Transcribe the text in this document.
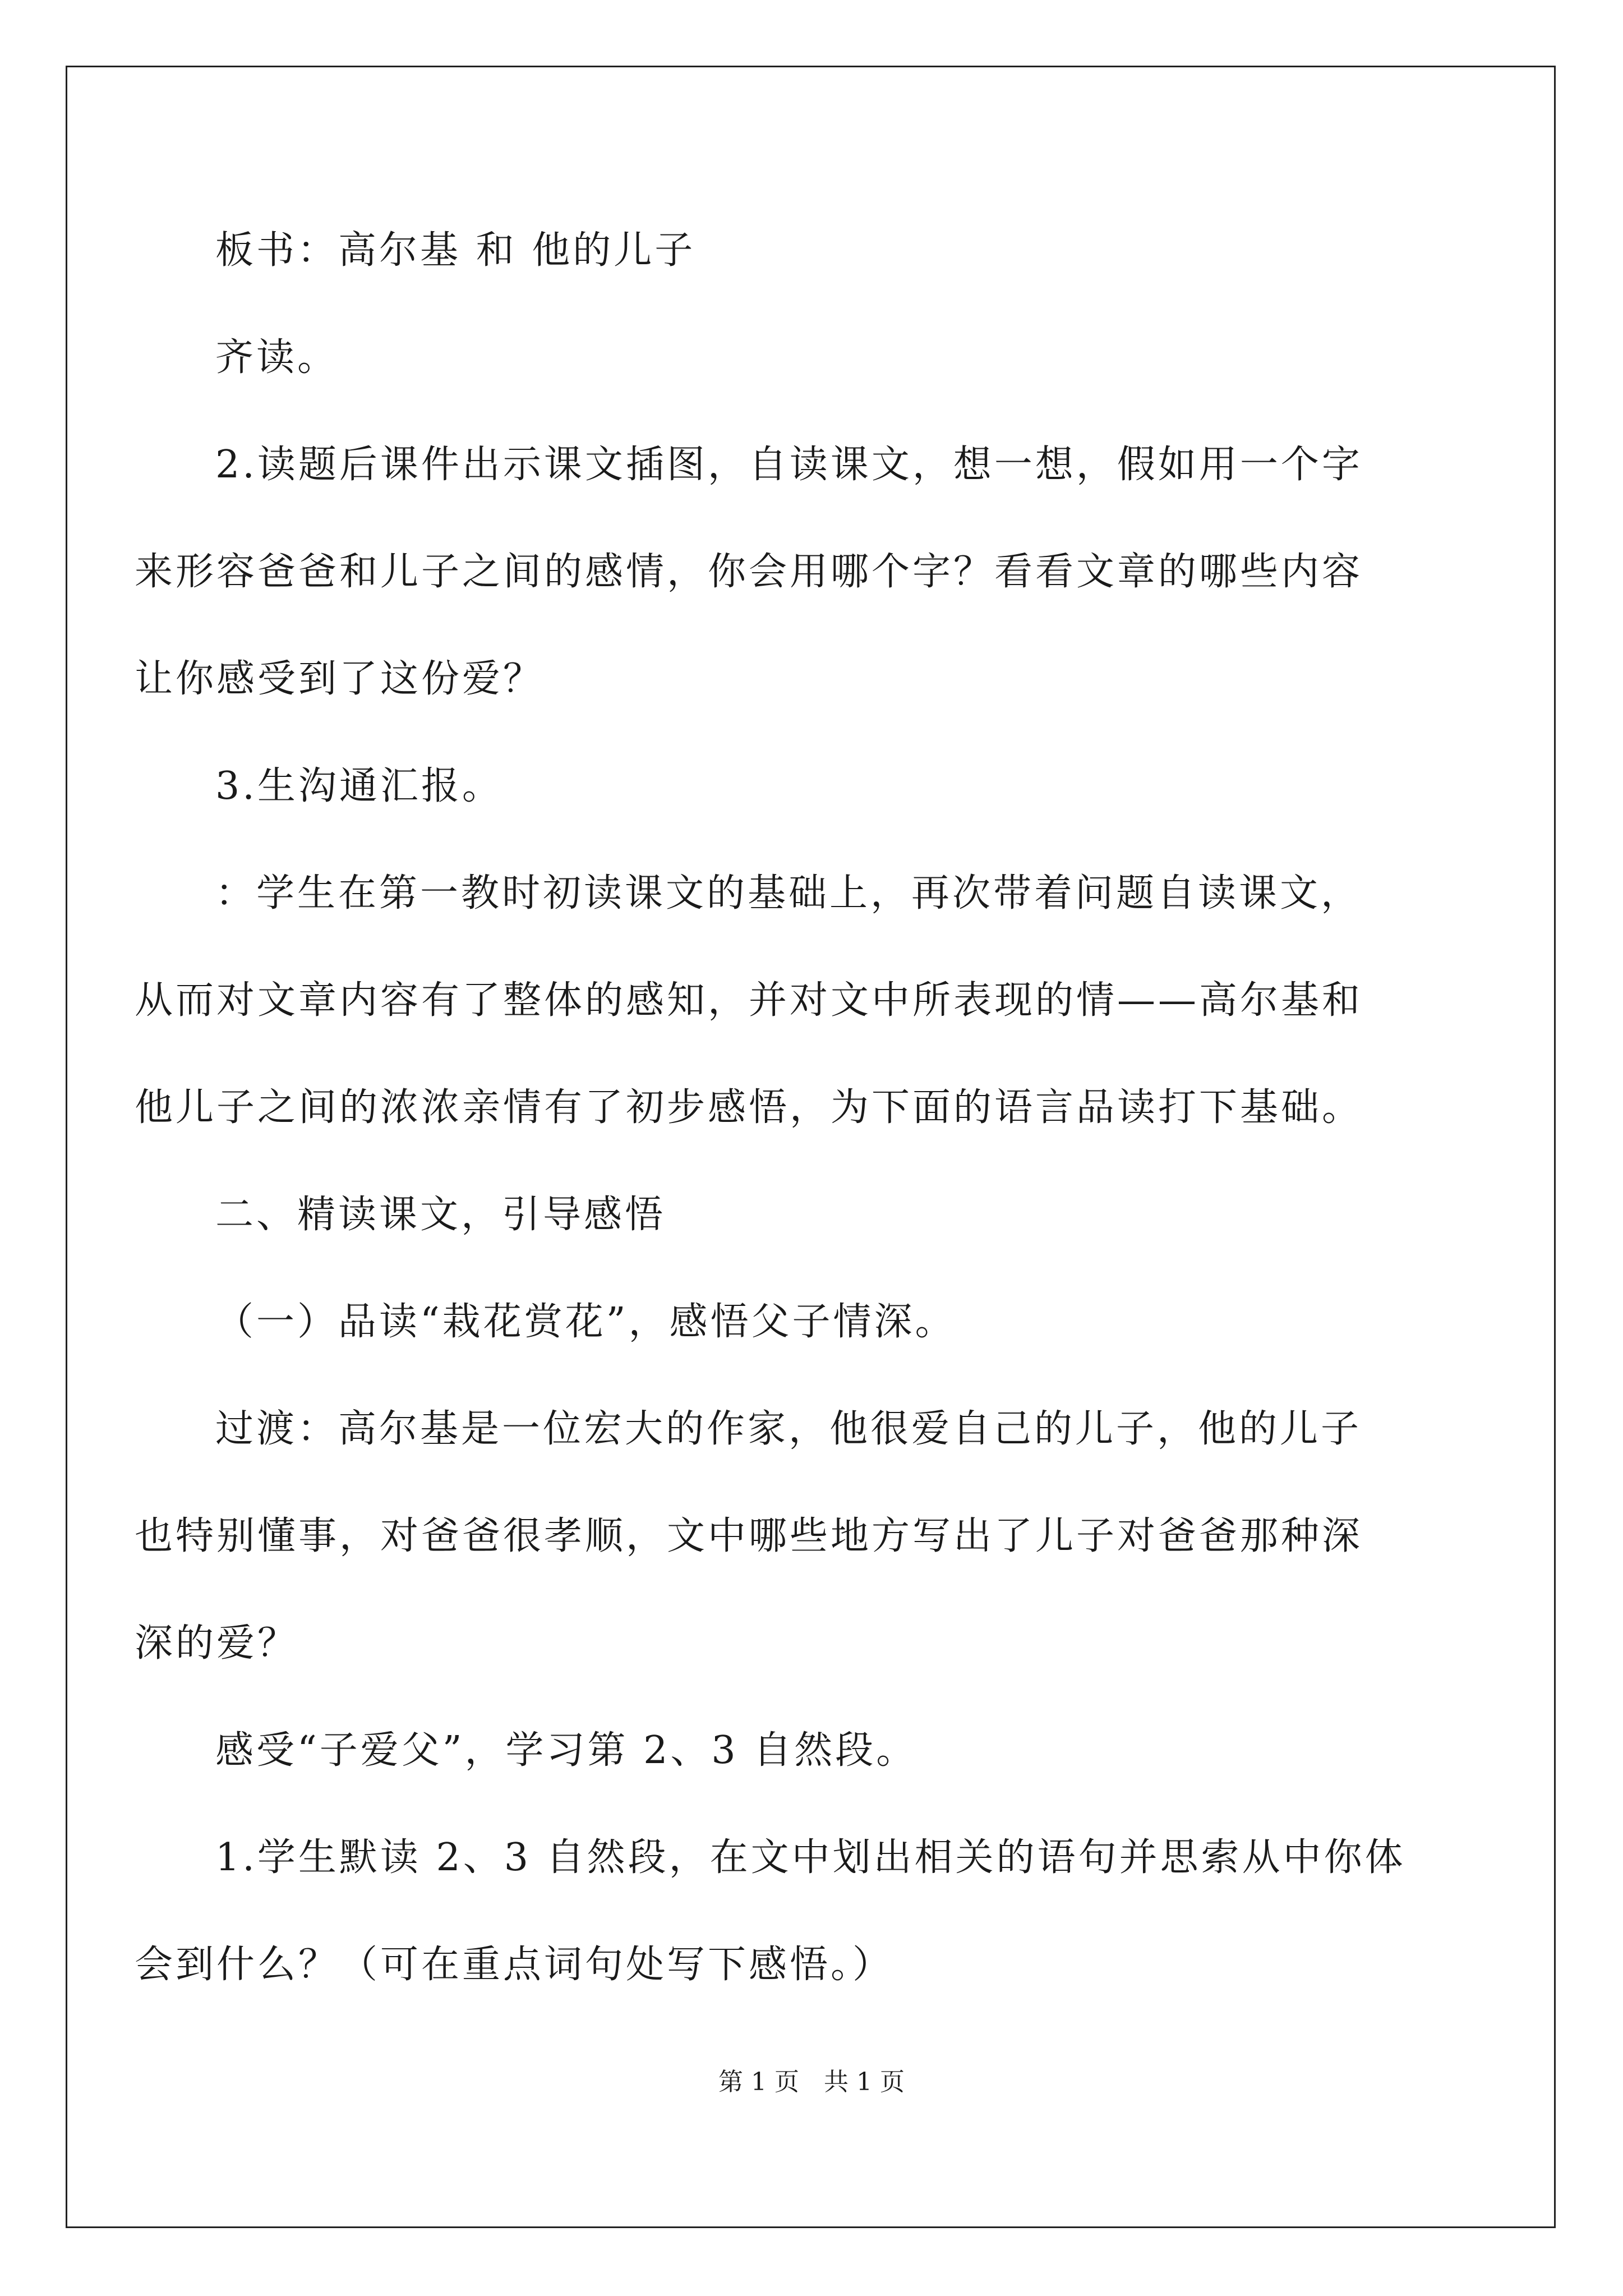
板书：高尔基 和 他的儿子

齐读。

2.读题后课件出示课文插图，自读课文，想一想，假如用一个字

来形容爸爸和儿子之间的感情，你会用哪个字？看看文章的哪些内容

让你感受到了这份爱？

3.生沟通汇报。

：学生在第一教时初读课文的基础上，再次带着问题自读课文，

从而对文章内容有了整体的感知，并对文中所表现的情——高尔基和

他儿子之间的浓浓亲情有了初步感悟，为下面的语言品读打下基础。

二、精读课文，引导感悟

（一）品读“栽花赏花”，感悟父子情深。

过渡：高尔基是一位宏大的作家，他很爱自己的儿子，他的儿子

也特别懂事，对爸爸很孝顺，文中哪些地方写出了儿子对爸爸那种深

深的爱？

感受“子爱父”，学习第 2、3 自然段。

1.学生默读 2、3 自然段，在文中划出相关的语句并思索从中你体

会到什么？（可在重点词句处写下感悟。）

第 1 页 共 1 页
